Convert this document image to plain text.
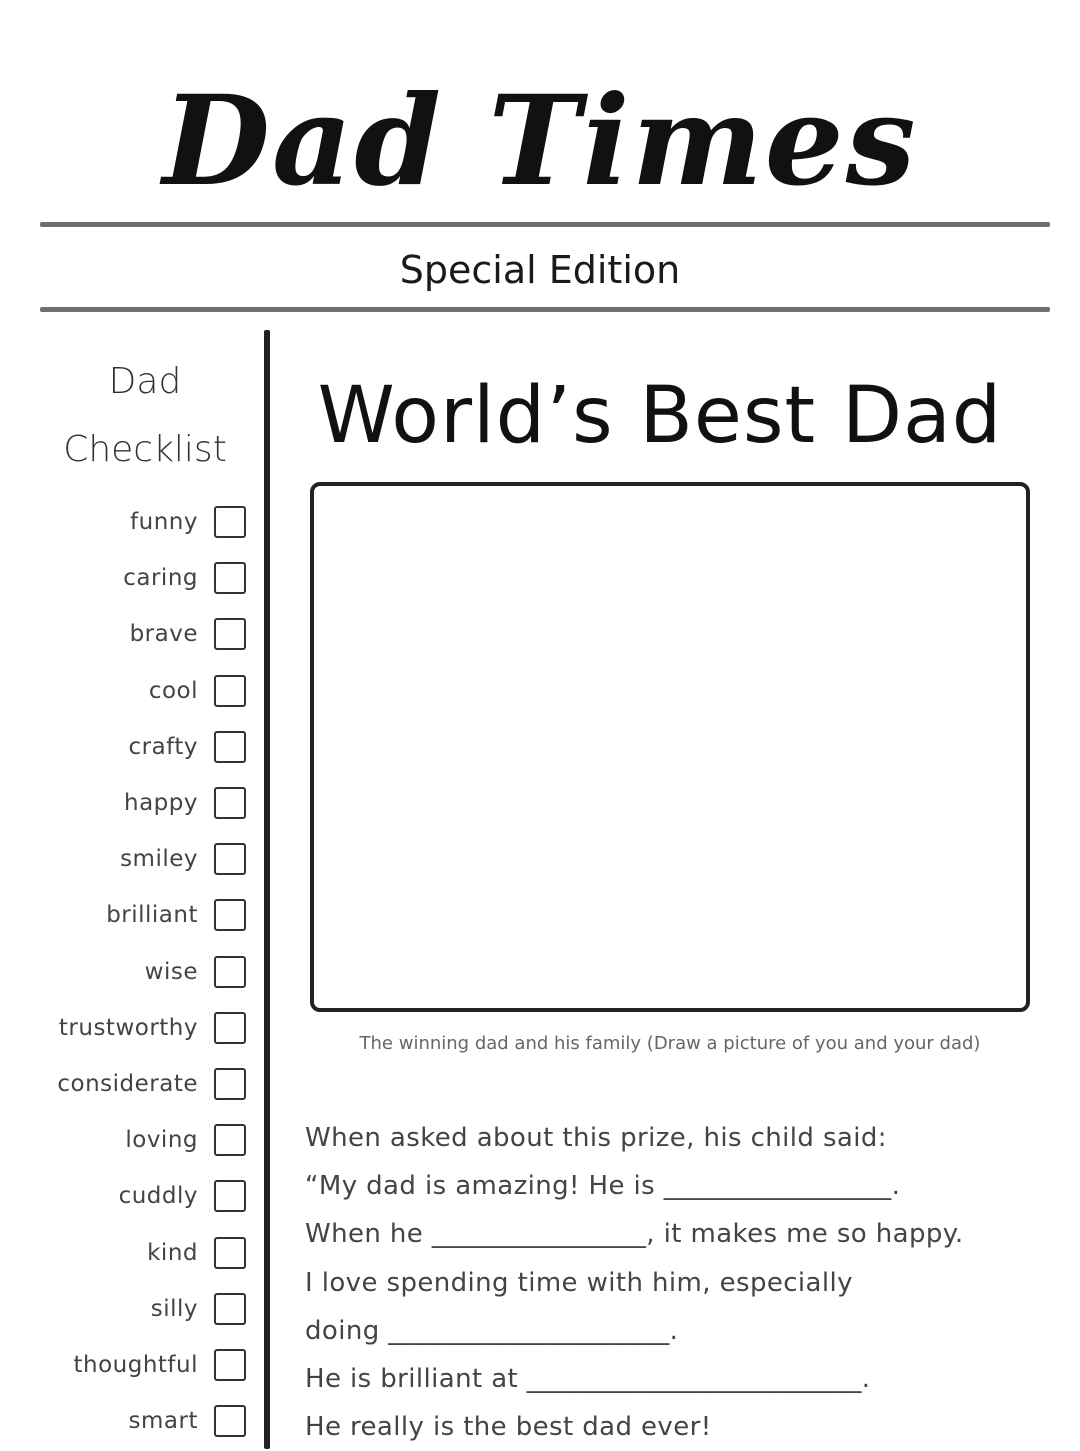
Dad Times
Special Edition
Dad
Checklist
funny
caring
brave
cool
crafty
happy
smiley
brilliant
wise
trustworthy
considerate
loving
cuddly
kind
silly
thoughtful
smart
World’s Best Dad
The winning dad and his family (Draw a picture of you and your dad)
When asked about this prize, his child said:
“My dad is amazing! He is _________________.
When he ________________, it makes me so happy.
I love spending time with him, especially
doing _____________________.
He is brilliant at _________________________.
He really is the best dad ever!
